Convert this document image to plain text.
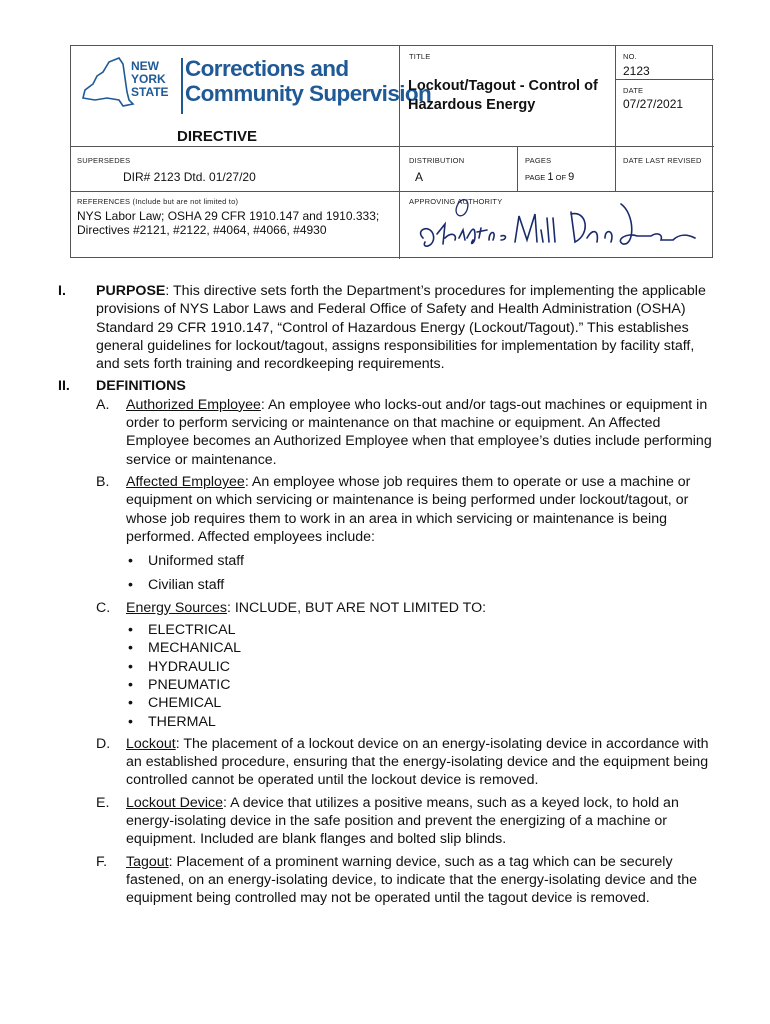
NEW
YORK
STATE
Corrections and
Community Supervision
DIRECTIVE
TITLE
Lockout/Tagout - Control of
Hazardous Energy
NO.
2123
DATE
07/27/2021
SUPERSEDES
DIR# 2123 Dtd. 01/27/20
DISTRIBUTION
A
PAGES
PAGE 1 OF 9
DATE LAST REVISED
REFERENCES (Include but are not limited to)
NYS Labor Law; OSHA 29 CFR 1910.147 and 1910.333;
Directives #2121, #2122, #4064, #4066, #4930
APPROVING AUTHORITY
I. PURPOSE: This directive sets forth the Department’s procedures for implementing the applicable provisions of NYS Labor Laws and Federal Office of Safety and Health Administration (OSHA) Standard 29 CFR 1910.147, “Control of Hazardous Energy (Lockout/Tagout).” This establishes general guidelines for lockout/tagout, assigns responsibilities for implementation by facility staff, and sets forth training and recordkeeping requirements.
II. DEFINITIONS
A. Authorized Employee: An employee who locks-out and/or tags-out machines or equipment in order to perform servicing or maintenance on that machine or equipment. An Affected Employee becomes an Authorized Employee when that employee’s duties include performing service or maintenance.
B. Affected Employee: An employee whose job requires them to operate or use a machine or equipment on which servicing or maintenance is being performed under lockout/tagout, or whose job requires them to work in an area in which servicing or maintenance is being performed. Affected employees include:
• Uniformed staff
• Civilian staff
C. Energy Sources: INCLUDE, BUT ARE NOT LIMITED TO:
• ELECTRICAL
• MECHANICAL
• HYDRAULIC
• PNEUMATIC
• CHEMICAL
• THERMAL
D. Lockout: The placement of a lockout device on an energy-isolating device in accordance with an established procedure, ensuring that the energy-isolating device and the equipment being controlled cannot be operated until the lockout device is removed.
E. Lockout Device: A device that utilizes a positive means, such as a keyed lock, to hold an energy-isolating device in the safe position and prevent the energizing of a machine or equipment. Included are blank flanges and bolted slip blinds.
F. Tagout: Placement of a prominent warning device, such as a tag which can be securely fastened, on an energy-isolating device, to indicate that the energy-isolating device and the equipment being controlled may not be operated until the tagout device is removed.
